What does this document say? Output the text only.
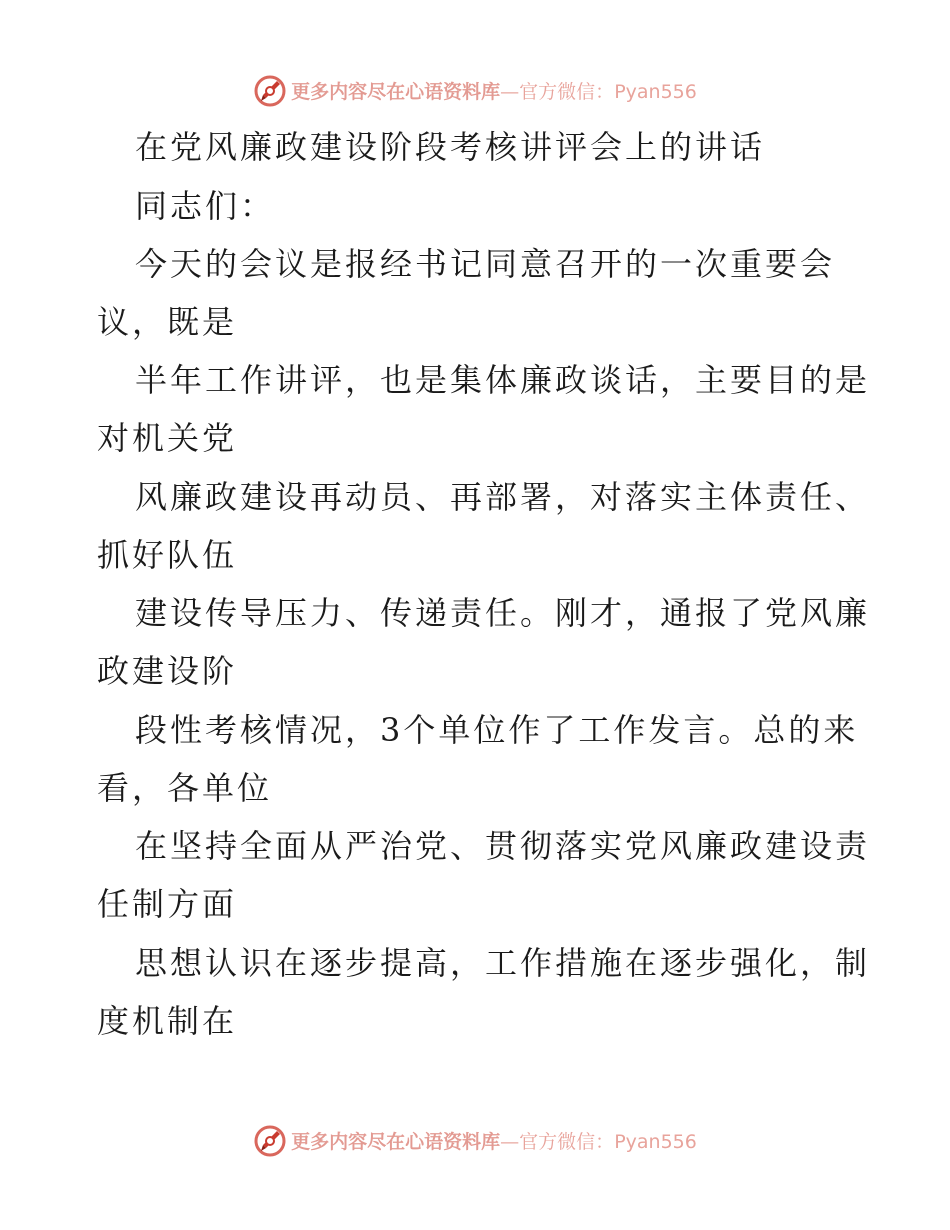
更多内容尽在心语资料库—官方微信：Pyan556
在党风廉政建设阶段考核讲评会上的讲话
同志们：
今天的会议是报经书记同意召开的一次重要会
议，既是
半年工作讲评，也是集体廉政谈话，主要目的是
对机关党
风廉政建设再动员、再部署，对落实主体责任、
抓好队伍
建设传导压力、传递责任。刚才，通报了党风廉
政建设阶
段性考核情况，3个单位作了工作发言。总的来
看，各单位
在坚持全面从严治党、贯彻落实党风廉政建设责
任制方面
思想认识在逐步提高，工作措施在逐步强化，制
度机制在
更多内容尽在心语资料库—官方微信：Pyan556
